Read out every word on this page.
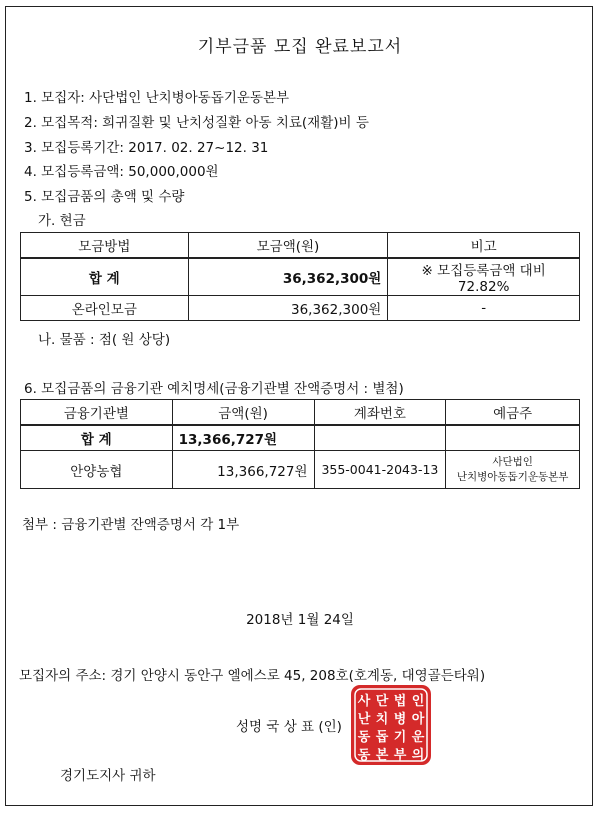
기부금품 모집 완료보고서
1. 모집자: 사단법인 난치병아동돕기운동본부
2. 모집목적: 희귀질환 및 난치성질환 아동 치료(재활)비 등
3. 모집등록기간: 2017. 02. 27~12. 31
4. 모집등록금액: 50,000,000원
5. 모집금품의 총액 및 수량
가. 현금
모금방법	모금액(원)	비고
합 계	36,362,300원	※ 모집등록금액 대비 72.82%
온라인모금	36,362,300원	-
나. 물품 : 점( 원 상당)
6. 모집금품의 금융기관 예치명세(금융기관별 잔액증명서 : 별첨)
금융기관별	금액(원)	계좌번호	예금주
합 계	13,366,727원		
안양농협	13,366,727원	355-0041-2043-13	사단법인
난치병아동돕기운동본부
첨부 : 금융기관별 잔액증명서 각 1부
2018년 1월 24일
모집자의 주소: 경기 안양시 동안구 엘에스로 45, 208호(호계동, 대영골든타워)
성명 국 상 표 (인)
사 단 법 인
난 치 병 아
동 돕 기 운
동 본 부 의
경기도지사 귀하
